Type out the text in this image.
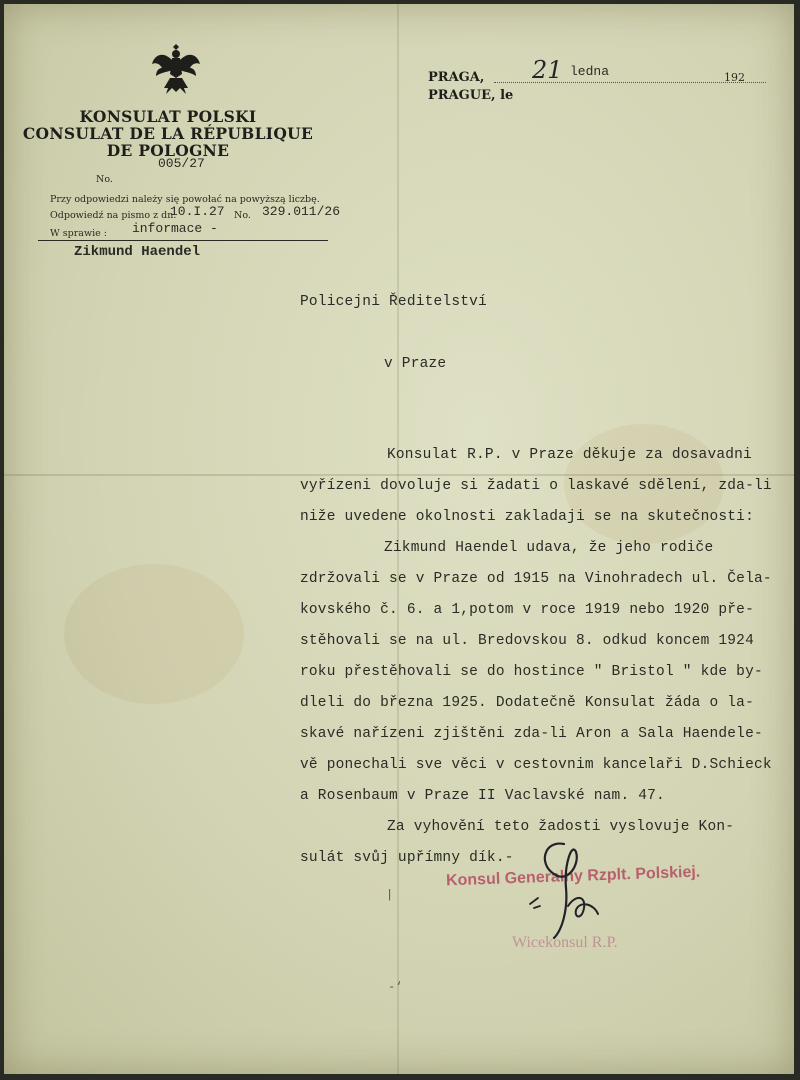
KONSULAT POLSKI
CONSULAT DE LA RÉPUBLIQUE
DE POLOGNE
005/27
No.
Przy odpowiedzi należy się powołać na powyższą liczbę.
Odpowiedź na pismo z dn.
10.I.27 No. 329.011/26
W sprawie : informace -
Zikmund Haendel
PRAGA,
PRAGUE, le
21 ledna	192
Policejni Ředitelství
v Praze
Konsulat R.P. v Praze děkuje za dosavadni
vyřízeni dovoluje si žadati o laskavé sdělení, zda-li
niže uvedene okolnosti zakladaji se na skutečnosti:
Zikmund Haendel udava, že jeho rodiče
zdržovali se v Praze od 1915 na Vinohradech ul. Čela-
kovského č. 6. a 1,potom v roce 1919 nebo 1920 pře-
stěhovali se na ul. Bredovskou 8. odkud koncem 1924
roku přestěhovali se do hostince " Bristol " kde by-
dleli do března 1925. Dodatečně Konsulat žáda o la-
skavé nařízeni zjištěni zda-li Aron a Sala Haendele-
vě ponechali sve věci v cestovnim kancelaři D.Schieck
a Rosenbaum v Praze II Vaclavské nam. 47.
Za vyhovění teto žadosti vyslovuje Kon-
sulát svůj upřímny dík.-
Konsul Generalny Rzplt. Polskiej.
Wicekonsul R.P.
|
-‘
